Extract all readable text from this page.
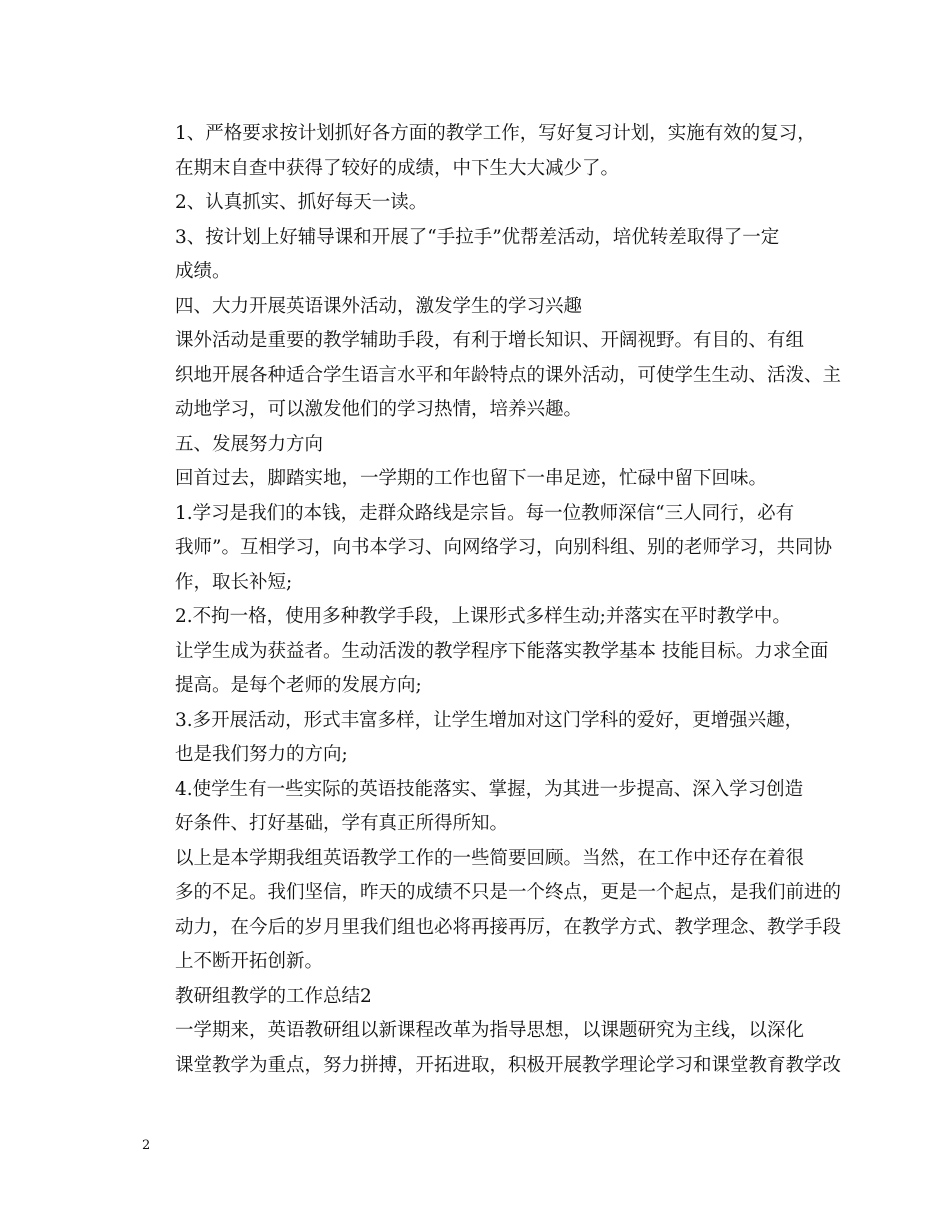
1、严格要求按计划抓好各方面的教学工作，写好复习计划，实施有效的复习，
在期末自查中获得了较好的成绩，中下生大大减少了。

2、认真抓实、抓好每天一读。

3、按计划上好辅导课和开展了“手拉手”优帮差活动，培优转差取得了一定
成绩。

四、大力开展英语课外活动，激发学生的学习兴趣

课外活动是重要的教学辅助手段，有利于增长知识、开阔视野。有目的、有组
织地开展各种适合学生语言水平和年龄特点的课外活动，可使学生生动、活泼、主
动地学习，可以激发他们的学习热情，培养兴趣。

五、发展努力方向

回首过去，脚踏实地，一学期的工作也留下一串足迹，忙碌中留下回味。

1.学习是我们的本钱，走群众路线是宗旨。每一位教师深信“三人同行，必有
我师”。互相学习，向书本学习、向网络学习，向别科组、别的老师学习，共同协
作，取长补短;

2.不拘一格，使用多种教学手段，上课形式多样生动;并落实在平时教学中。
让学生成为获益者。生动活泼的教学程序下能落实教学基本 技能目标。力求全面
提高。是每个老师的发展方向;

3.多开展活动，形式丰富多样，让学生增加对这门学科的爱好，更增强兴趣，
也是我们努力的方向;

4.使学生有一些实际的英语技能落实、掌握，为其进一步提高、深入学习创造
好条件、打好基础，学有真正所得所知。

以上是本学期我组英语教学工作的一些简要回顾。当然，在工作中还存在着很
多的不足。我们坚信，昨天的成绩不只是一个终点，更是一个起点，是我们前进的
动力，在今后的岁月里我们组也必将再接再厉，在教学方式、教学理念、教学手段
上不断开拓创新。

教研组教学的工作总结2

一学期来，英语教研组以新课程改革为指导思想，以课题研究为主线，以深化
课堂教学为重点，努力拼搏，开拓进取，积极开展教学理论学习和课堂教育教学改

2
